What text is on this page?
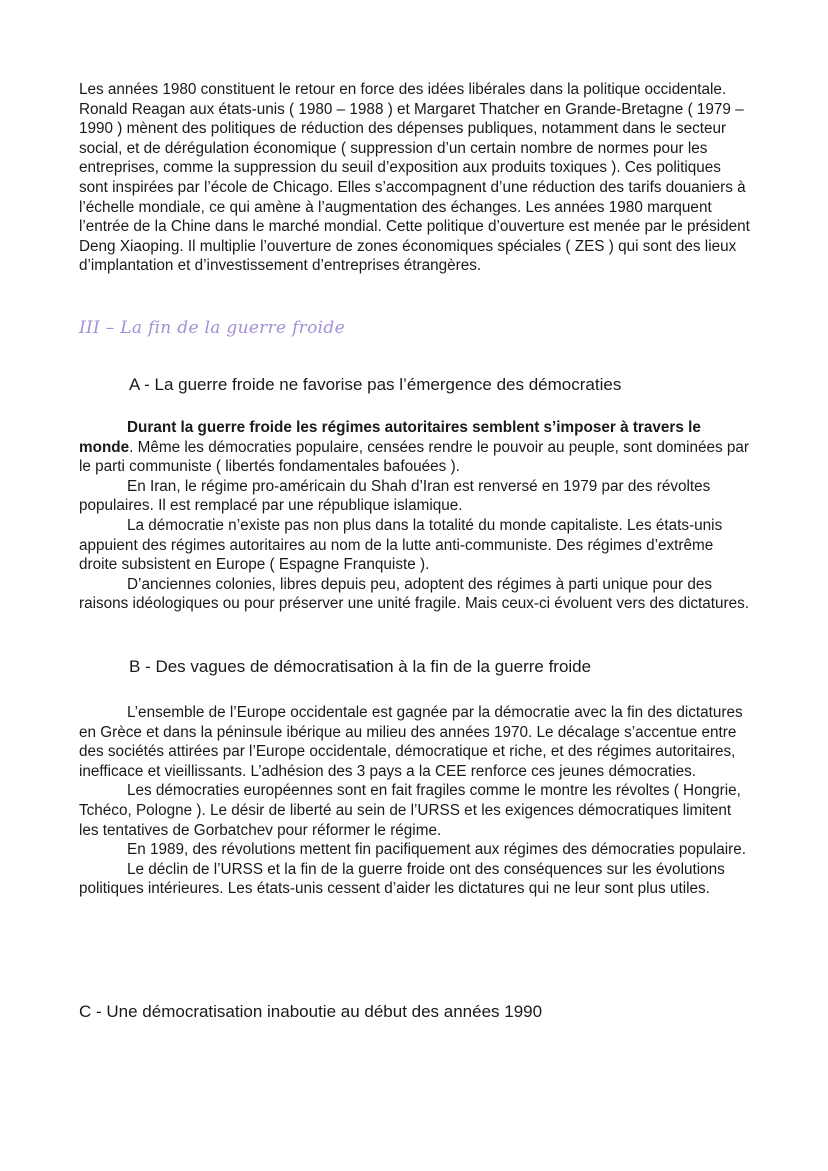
Les années 1980 constituent le retour en force des idées libérales dans la politique occidentale. Ronald Reagan aux états-unis ( 1980 – 1988 ) et Margaret Thatcher en Grande-Bretagne ( 1979 – 1990 ) mènent des politiques de réduction des dépenses publiques, notamment dans le secteur social, et de dérégulation économique ( suppression d’un certain nombre de normes pour les entreprises, comme la suppression du seuil d’exposition aux produits toxiques ). Ces politiques sont inspirées par l’école de Chicago. Elles s’accompagnent d’une réduction des tarifs douaniers à l’échelle mondiale, ce qui amène à l’augmentation des échanges. Les années 1980 marquent l’entrée de la Chine dans le marché mondial. Cette politique d’ouverture est menée par le président Deng Xiaoping. Il multiplie l’ouverture de zones économiques spéciales ( ZES ) qui sont des lieux d’implantation et d’investissement d’entreprises étrangères.

III – La fin de la guerre froide
A - La guerre froide ne favorise pas l’émergence des démocraties

Durant la guerre froide les régimes autoritaires semblent s’imposer à travers le monde. Même les démocraties populaire, censées rendre le pouvoir au peuple, sont dominées par le parti communiste ( libertés fondamentales bafouées ).

En Iran, le régime pro-américain du Shah d’Iran est renversé en 1979 par des révoltes populaires. Il est remplacé par une république islamique.

La démocratie n’existe pas non plus dans la totalité du monde capitaliste. Les états-unis appuient des régimes autoritaires au nom de la lutte anti-communiste. Des régimes d’extrême droite subsistent en Europe ( Espagne Franquiste ).

D’anciennes colonies, libres depuis peu, adoptent des régimes à parti unique pour des raisons idéologiques ou pour préserver une unité fragile. Mais ceux-ci évoluent vers des dictatures.

B - Des vagues de démocratisation à la fin de la guerre froide

L’ensemble de l’Europe occidentale est gagnée par la démocratie avec la fin des dictatures en Grèce et dans la péninsule ibérique au milieu des années 1970. Le décalage s’accentue entre des sociétés attirées par l’Europe occidentale, démocratique et riche, et des régimes autoritaires, inefficace et vieillissants. L’adhésion des 3 pays a la CEE renforce ces jeunes démocraties.

Les démocraties européennes sont en fait fragiles comme le montre les révoltes ( Hongrie, Tchéco, Pologne ). Le désir de liberté au sein de l’URSS et les exigences démocratiques limitent les tentatives de Gorbatchev pour réformer le régime.

En 1989, des révolutions mettent fin pacifiquement aux régimes des démocraties populaire.

Le déclin de l’URSS et la fin de la guerre froide ont des conséquences sur les évolutions politiques intérieures. Les états-unis cessent d’aider les dictatures qui ne leur sont plus utiles.

C - Une démocratisation inaboutie au début des années 1990
